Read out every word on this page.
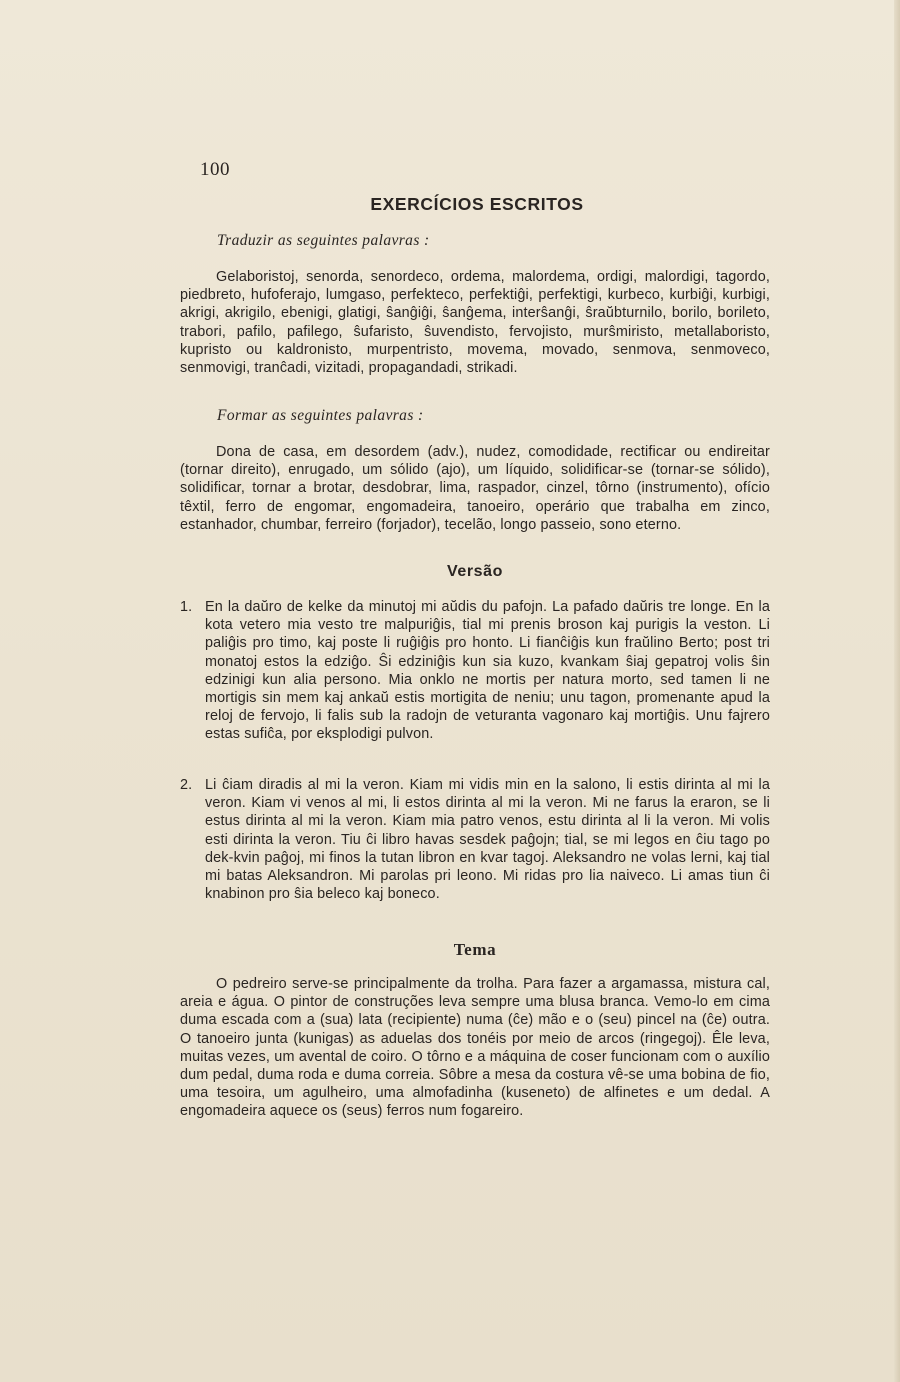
100
EXERCÍCIOS ESCRITOS
Traduzir as seguintes palavras :
Gelaboristoj, senorda, senordeco, ordema, malordema, ordigi, malordigi, tagordo, piedbreto, hufoferajo, lumgaso, perfekteco, perfektiĝi, perfektigi, kurbeco, kurbiĝi, kurbigi, akrigi, akrigilo, ebenigi, glatigi, ŝanĝiĝi, ŝanĝema, interŝanĝi, ŝraŭbturnilo, borilo, borileto, trabori, pafilo, pafilego, ŝufaristo, ŝuvendisto, fervojisto, murŝmiristo, metallaboristo, kupristo ou kaldronisto, murpentristo, movema, movado, senmova, senmoveco, senmovigi, tranĉadi, vizitadi, propagandadi, strikadi.
Formar as seguintes palavras :
Dona de casa, em desordem (adv.), nudez, comodidade, rectificar ou endireitar (tornar direito), enrugado, um sólido (ajo), um líquido, solidificar-se (tornar-se sólido), solidificar, tornar a brotar, desdobrar, lima, raspador, cinzel, tôrno (instrumento), ofício têxtil, ferro de engomar, engomadeira, tanoeiro, operário que trabalha em zinco, estanhador, chumbar, ferreiro (forjador), tecelão, longo passeio, sono eterno.
Versão
1. En la daŭro de kelke da minutoj mi aŭdis du pafojn. La pafado daŭris tre longe. En la kota vetero mia vesto tre malpuriĝis, tial mi prenis broson kaj purigis la veston. Li paliĝis pro timo, kaj poste li ruĝiĝis pro honto. Li fianĉiĝis kun fraŭlino Berto; post tri monatoj estos la edziĝo. Ŝi edziniĝis kun sia kuzo, kvankam ŝiaj gepatroj volis ŝin edzinigi kun alia persono. Mia onklo ne mortis per natura morto, sed tamen li ne mortigis sin mem kaj ankaŭ estis mortigita de neniu; unu tagon, promenante apud la reloj de fervojo, li falis sub la radojn de veturanta vagonaro kaj mortiĝis. Unu fajrero estas sufiĉa, por eksplodigi pulvon.
2. Li ĉiam diradis al mi la veron. Kiam mi vidis min en la salono, li estis dirinta al mi la veron. Kiam vi venos al mi, li estos dirinta al mi la veron. Mi ne farus la eraron, se li estus dirinta al mi la veron. Kiam mia patro venos, estu dirinta al li la veron. Mi volis esti dirinta la veron. Tiu ĉi libro havas sesdek paĝojn; tial, se mi legos en ĉiu tago po dek-kvin paĝoj, mi finos la tutan libron en kvar tagoj. Aleksandro ne volas lerni, kaj tial mi batas Aleksandron. Mi parolas pri leono. Mi ridas pro lia naiveco. Li amas tiun ĉi knabinon pro ŝia beleco kaj boneco.
Tema
O pedreiro serve-se principalmente da trolha. Para fazer a argamassa, mistura cal, areia e água. O pintor de construções leva sempre uma blusa branca. Vemo-lo em cima duma escada com a (sua) lata (recipiente) numa (ĉe) mão e o (seu) pincel na (ĉe) outra. O tanoeiro junta (kunigas) as aduelas dos tonéis por meio de arcos (ringegoj). Êle leva, muitas vezes, um avental de coiro. O tôrno e a máquina de coser funcionam com o auxílio dum pedal, duma roda e duma correia. Sôbre a mesa da costura vê-se uma bobina de fio, uma tesoira, um agulheiro, uma almofadinha (kuseneto) de alfinetes e um dedal. A engomadeira aquece os (seus) ferros num fogareiro.
